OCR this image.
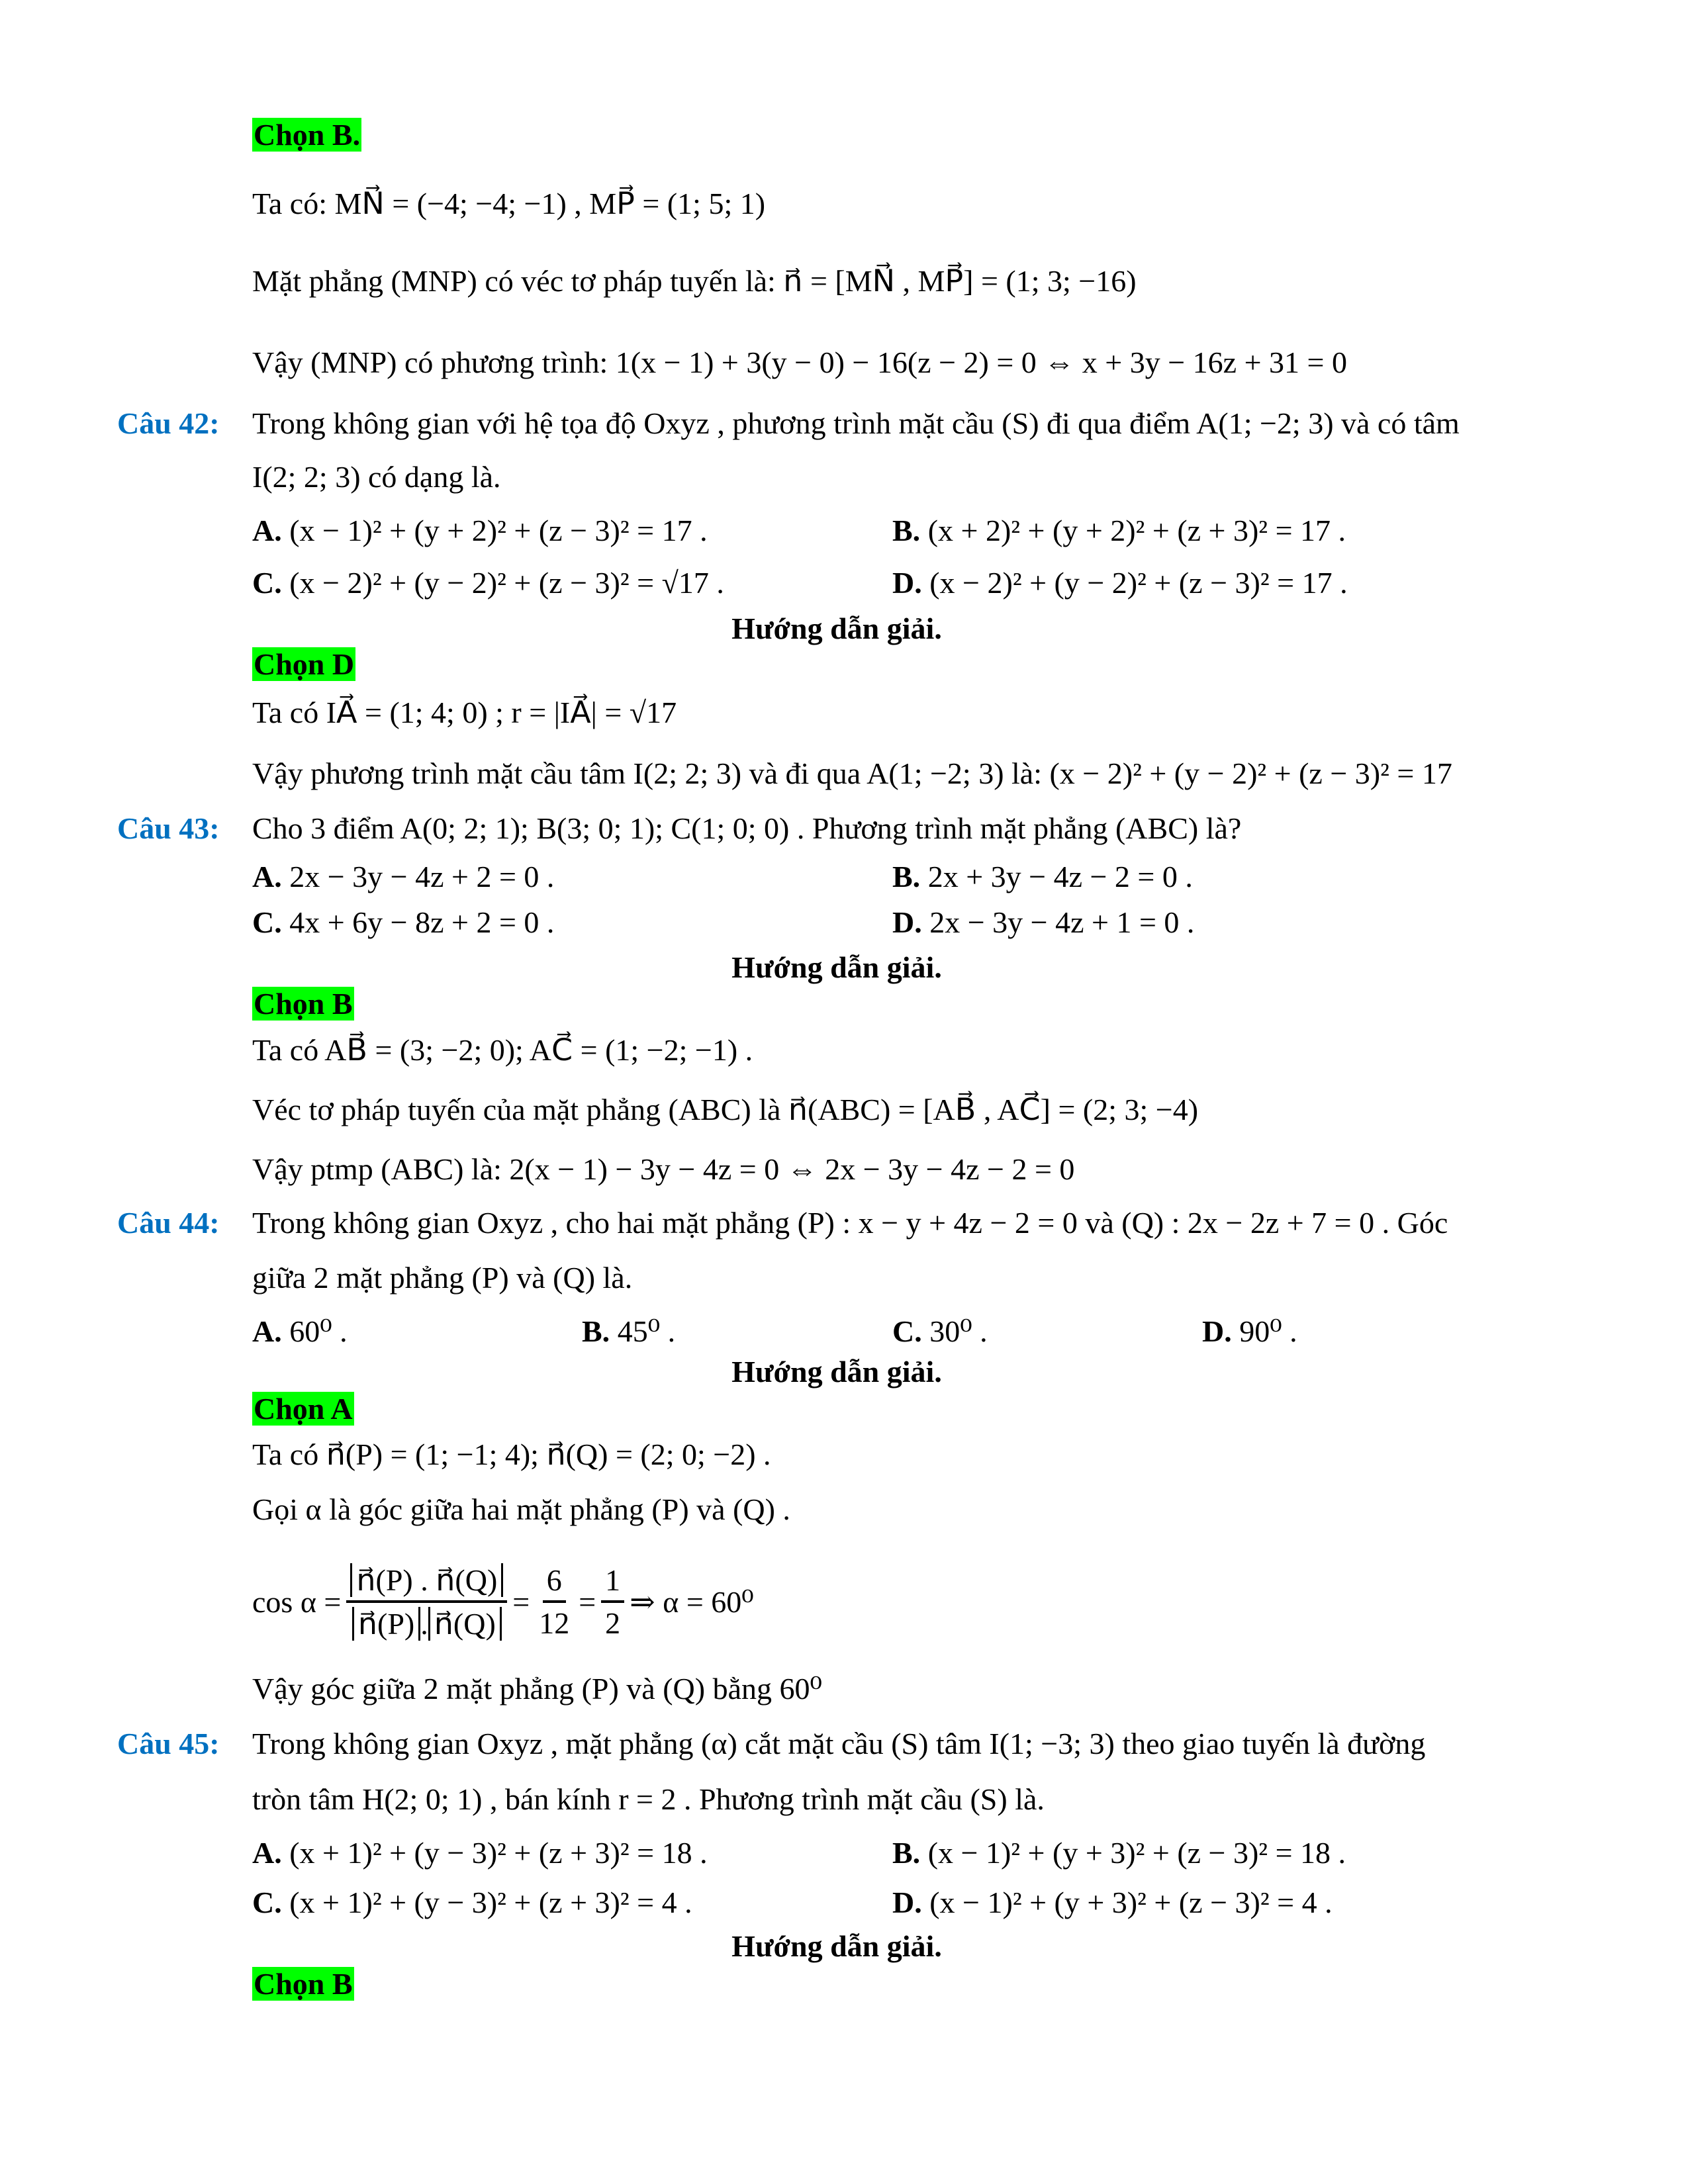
Chọn B.
Ta có: MN⃗ = (−4; −4; −1) , MP⃗ = (1; 5; 1)
Mặt phẳng (MNP) có véc tơ pháp tuyến là: n⃗ = [MN⃗ , MP⃗] = (1; 3; −16)
Vậy (MNP) có phương trình: 1(x − 1) + 3(y − 0) − 16(z − 2) = 0 ⇔ x + 3y − 16z + 31 = 0
Câu 42: Trong không gian với hệ tọa độ Oxyz , phương trình mặt cầu (S) đi qua điểm A(1; −2; 3) và có tâm
I(2; 2; 3) có dạng là.
A. (x − 1)² + (y + 2)² + (z − 3)² = 17 .	B. (x + 2)² + (y + 2)² + (z + 3)² = 17 .
C. (x − 2)² + (y − 2)² + (z − 3)² = √17 .	D. (x − 2)² + (y − 2)² + (z − 3)² = 17 .
Hướng dẫn giải.
Chọn D
Ta có IA⃗ = (1; 4; 0) ; r = |IA⃗| = √17
Vậy phương trình mặt cầu tâm I(2; 2; 3) và đi qua A(1; −2; 3) là: (x − 2)² + (y − 2)² + (z − 3)² = 17
Câu 43: Cho 3 điểm A(0; 2; 1); B(3; 0; 1); C(1; 0; 0) . Phương trình mặt phẳng (ABC) là?
A. 2x − 3y − 4z + 2 = 0 .	B. 2x + 3y − 4z − 2 = 0 .
C. 4x + 6y − 8z + 2 = 0 .	D. 2x − 3y − 4z + 1 = 0 .
Hướng dẫn giải.
Chọn B
Ta có AB⃗ = (3; −2; 0); AC⃗ = (1; −2; −1) .
Véc tơ pháp tuyến của mặt phẳng (ABC) là n⃗(ABC) = [AB⃗ , AC⃗] = (2; 3; −4)
Vậy ptmp (ABC) là: 2(x − 1) − 3y − 4z = 0 ⇔ 2x − 3y − 4z − 2 = 0
Câu 44: Trong không gian Oxyz , cho hai mặt phẳng (P) : x − y + 4z − 2 = 0 và (Q) : 2x − 2z + 7 = 0 . Góc
giữa 2 mặt phẳng (P) và (Q) là.
A. 60⁰ .	B. 45⁰ .	C. 30⁰ .	D. 90⁰ .
Hướng dẫn giải.
Chọn A
Ta có n⃗(P) = (1; −1; 4); n⃗(Q) = (2; 0; −2) .
Gọi α là góc giữa hai mặt phẳng (P) và (Q) .
$\cos \alpha = \frac{n⃗(P) . n⃗(Q)}{n⃗(P) . n⃗(Q)} = \frac{6}{12} = \frac{1}{2}$ ⇒ α = 60⁰
Vậy góc giữa 2 mặt phẳng (P) và (Q) bằng 60⁰
Câu 45: Trong không gian Oxyz , mặt phẳng (α) cắt mặt cầu (S) tâm I(1; −3; 3) theo giao tuyến là đường
tròn tâm H(2; 0; 1) , bán kính r = 2 . Phương trình mặt cầu (S) là.
A. (x + 1)² + (y − 3)² + (z + 3)² = 18 .	B. (x − 1)² + (y + 3)² + (z − 3)² = 18 .
C. (x + 1)² + (y − 3)² + (z + 3)² = 4 .	D. (x − 1)² + (y + 3)² + (z − 3)² = 4 .
Hướng dẫn giải.
Chọn B
